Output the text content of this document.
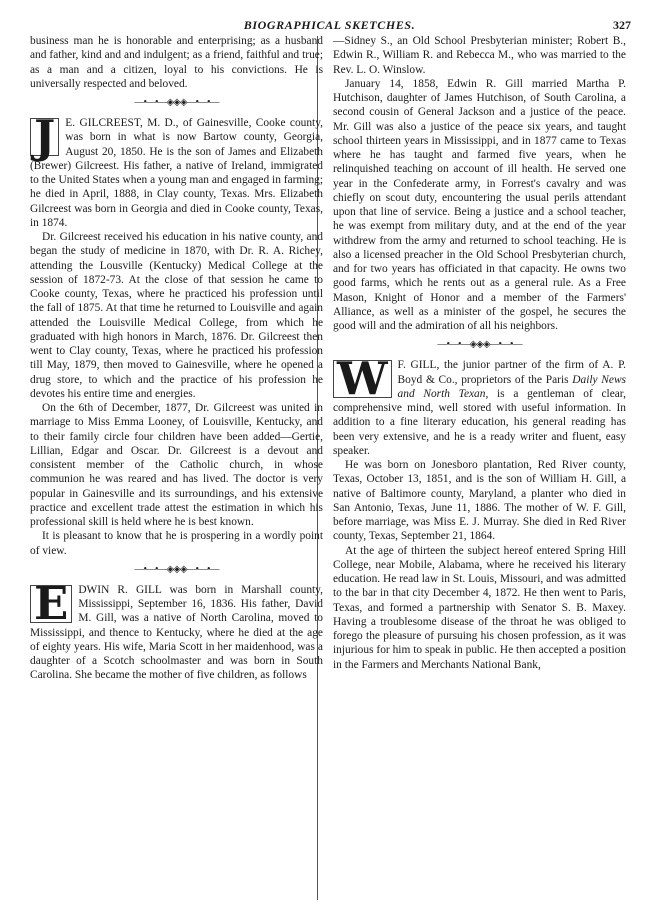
BIOGRAPHICAL SKETCHES.	327

business man he is honorable and enterprising; as a husband and father, kind and and indulgent; as a friend, faithful and true; as a man and a citizen, loyal to his convictions. He is universally respected and beloved.

—•—•—◈◈◈—•—•—

J E. GILCREEST, M. D., of Gainesville, Cooke county, was born in what is now Bartow county, Georgia, August 20, 1850. He is the son of James and Elizabeth (Brewer) Gilcreest. His father, a native of Ireland, immigrated to the United States when a young man and engaged in farming; he died in April, 1888, in Clay county, Texas. Mrs. Elizabeth Gilcreest was born in Georgia and died in Cooke county, Texas, in 1874.

Dr. Gilcreest received his education in his native county, and began the study of medicine in 1870, with Dr. R. A. Richey, attending the Lousville (Kentucky) Medical College at the session of 1872-73. At the close of that session he came to Cooke county, Texas, where he practiced his profession until the fall of 1875. At that time he returned to Louisville and again attended the Louisville Medical College, from which he graduated with high honors in March, 1876. Dr. Gilcreest then went to Clay county, Texas, where he practiced his profession till May, 1879, then moved to Gainesville, where he opened a drug store, to which and the practice of his profession he devotes his entire time and energies.

On the 6th of December, 1877, Dr. Gilcreest was united in marriage to Miss Emma Looney, of Louisville, Kentucky, and to their family circle four children have been added—Gertie, Lillian, Edgar and Oscar. Dr. Gilcreest is a devout and consistent member of the Catholic church, in whose communion he was reared and has lived. The doctor is very popular in Gainesville and its surroundings, and his extensive practice and excellent trade attest the estimation in which his professional skill is held where he is best known.

It is pleasant to know that he is prospering in a wordly point of view.

—•—•—◈◈◈—•—•—

E DWIN R. GILL was born in Marshall county, Mississippi, September 16, 1836. His father, David M. Gill, was a native of North Carolina, moved to Mississippi, and thence to Kentucky, where he died at the age of eighty years. His wife, Maria Scott in her maidenhood, was a daughter of a Scotch schoolmaster and was born in South Carolina. She became the mother of five children, as follows

—Sidney S., an Old School Presbyterian minister; Robert B., Edwin R., William R. and Rebecca M., who was married to the Rev. L. O. Winslow.

January 14, 1858, Edwin R. Gill married Martha P. Hutchison, daughter of James Hutchison, of South Carolina, a second cousin of General Jackson and a justice of the peace. Mr. Gill was also a justice of the peace six years, and taught school thirteen years in Mississippi, and in 1877 came to Texas where he has taught and farmed five years, when he relinquished teaching on account of ill health. He served one year in the Confederate army, in Forrest's cavalry and was chiefly on scout duty, encountering the usual perils attendant upon that line of service. Being a justice and a school teacher, he was exempt from military duty, and at the end of the year withdrew from the army and returned to school teaching. He is also a licensed preacher in the Old School Presbyterian church, and for two years has officiated in that capacity. He owns two good farms, which he rents out as a general rule. As a Free Mason, Knight of Honor and a member of the Farmers' Alliance, as well as a minister of the gospel, he secures the good will and the admiration of all his neighbors.

—•—•—◈◈◈—•—•—

W F. GILL, the junior partner of the firm of A. P. Boyd & Co., proprietors of the Paris Daily News and North Texan, is a gentleman of clear, comprehensive mind, well stored with useful information. In addition to a fine literary education, his general reading has been very extensive, and he is a ready writer and fluent, easy speaker.

He was born on Jonesboro plantation, Red River county, Texas, October 13, 1851, and is the son of William H. Gill, a native of Baltimore county, Maryland, a planter who died in San Antonio, Texas, June 11, 1886. The mother of W. F. Gill, before marriage, was Miss E. J. Murray. She died in Red River county, Texas, September 21, 1864.

At the age of thirteen the subject hereof entered Spring Hill College, near Mobile, Alabama, where he received his literary education. He read law in St. Louis, Missouri, and was admitted to the bar in that city December 4, 1872. He then went to Paris, Texas, and formed a partnership with Senator S. B. Maxey. Having a troublesome disease of the throat he was obliged to forego the pleasure of pursuing his chosen profession, as it was injurious for him to speak in public. He then accepted a position in the Farmers and Merchants National Bank,
